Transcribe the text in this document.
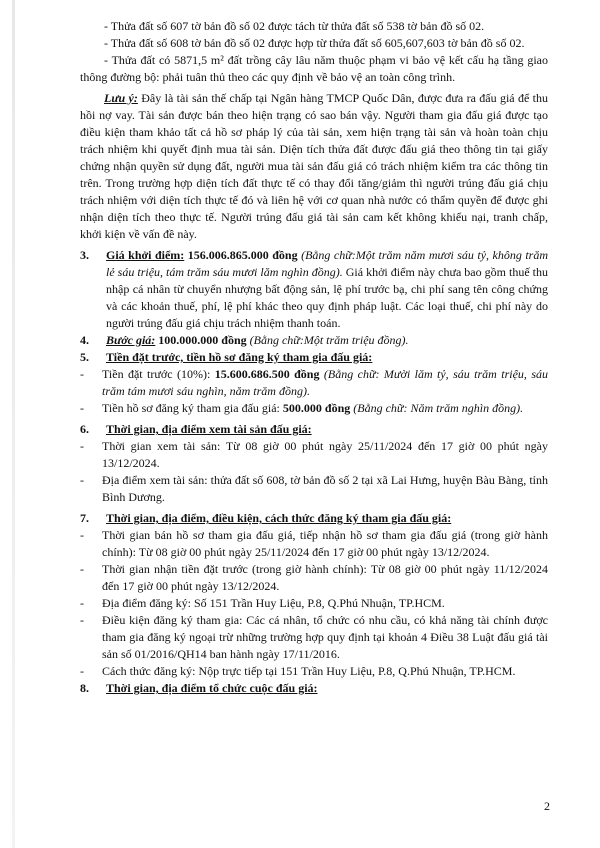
- Thửa đất số 607 tờ bản đồ số 02 được tách từ thửa đất số 538 tờ bản đồ số 02.

- Thửa đất số 608 tờ bản đồ số 02 được hợp từ thửa đất số 605,607,603 tờ bản đồ số 02.

- Thửa đất có 5871,5 m² đất trồng cây lâu năm thuộc phạm vi bảo vệ kết cấu hạ tầng giao thông đường bộ: phải tuân thủ theo các quy định về bảo vệ an toàn công trình.

Lưu ý: Đây là tài sản thế chấp tại Ngân hàng TMCP Quốc Dân, được đưa ra đấu giá để thu hồi nợ vay. Tài sản được bán theo hiện trạng có sao bán vậy. Người tham gia đấu giá được tạo điều kiện tham khảo tất cả hồ sơ pháp lý của tài sản, xem hiện trạng tài sản và hoàn toàn chịu trách nhiệm khi quyết định mua tài sản. Diện tích thửa đất được đấu giá theo thông tin tại giấy chứng nhận quyền sử dụng đất, người mua tài sản đấu giá có trách nhiệm kiểm tra các thông tin trên. Trong trường hợp diện tích đất thực tế có thay đổi tăng/giảm thì người trúng đấu giá chịu trách nhiệm với diện tích thực tế đó và liên hệ với cơ quan nhà nước có thẩm quyền để được ghi nhận diện tích theo thực tế. Người trúng đấu giá tài sản cam kết không khiếu nại, tranh chấp, khởi kiện về vấn đề này.

3.	Giá khởi điểm: 156.006.865.000 đồng (Bằng chữ:Một trăm năm mươi sáu tỷ, không trăm lẻ sáu triệu, tám trăm sáu mươi lăm nghìn đồng). Giá khởi điểm này chưa bao gồm thuế thu nhập cá nhân từ chuyển nhượng bất động sản, lệ phí trước bạ, chi phí sang tên công chứng và các khoản thuế, phí, lệ phí khác theo quy định pháp luật. Các loại thuế, chi phí này do người trúng đấu giá chịu trách nhiệm thanh toán.

4.	Bước giá: 100.000.000 đồng (Bằng chữ:Một trăm triệu đồng).

5.	Tiền đặt trước, tiền hồ sơ đăng ký tham gia đấu giá:

- Tiền đặt trước (10%): 15.600.686.500 đồng (Bằng chữ: Mười lăm tỷ, sáu trăm triệu, sáu trăm tám mươi sáu nghìn, năm trăm đồng).

- Tiền hồ sơ đăng ký tham gia đấu giá: 500.000 đồng (Bằng chữ: Năm trăm nghìn đồng).

6.	Thời gian, địa điểm xem tài sản đấu giá:

- Thời gian xem tài sản: Từ 08 giờ 00 phút ngày 25/11/2024 đến 17 giờ 00 phút ngày 13/12/2024.

- Địa điểm xem tài sản: thửa đất số 608, tờ bản đồ số 2 tại xã Lai Hưng, huyện Bàu Bàng, tỉnh Bình Dương.

7.	Thời gian, địa điểm, điều kiện, cách thức đăng ký tham gia đấu giá:

- Thời gian bán hồ sơ tham gia đấu giá, tiếp nhận hồ sơ tham gia đấu giá (trong giờ hành chính): Từ 08 giờ 00 phút ngày 25/11/2024 đến 17 giờ 00 phút ngày 13/12/2024.

- Thời gian nhận tiền đặt trước (trong giờ hành chính): Từ 08 giờ 00 phút ngày 11/12/2024 đến 17 giờ 00 phút ngày 13/12/2024.

- Địa điểm đăng ký: Số 151 Trần Huy Liệu, P.8, Q.Phú Nhuận, TP.HCM.

- Điều kiện đăng ký tham gia: Các cá nhân, tổ chức có nhu cầu, có khả năng tài chính được tham gia đăng ký ngoại trừ những trường hợp quy định tại khoản 4 Điều 38 Luật đấu giá tài sản số 01/2016/QH14 ban hành ngày 17/11/2016.

- Cách thức đăng ký: Nộp trực tiếp tại 151 Trần Huy Liệu, P.8, Q.Phú Nhuận, TP.HCM.

8.	Thời gian, địa điểm tổ chức cuộc đấu giá:
2
